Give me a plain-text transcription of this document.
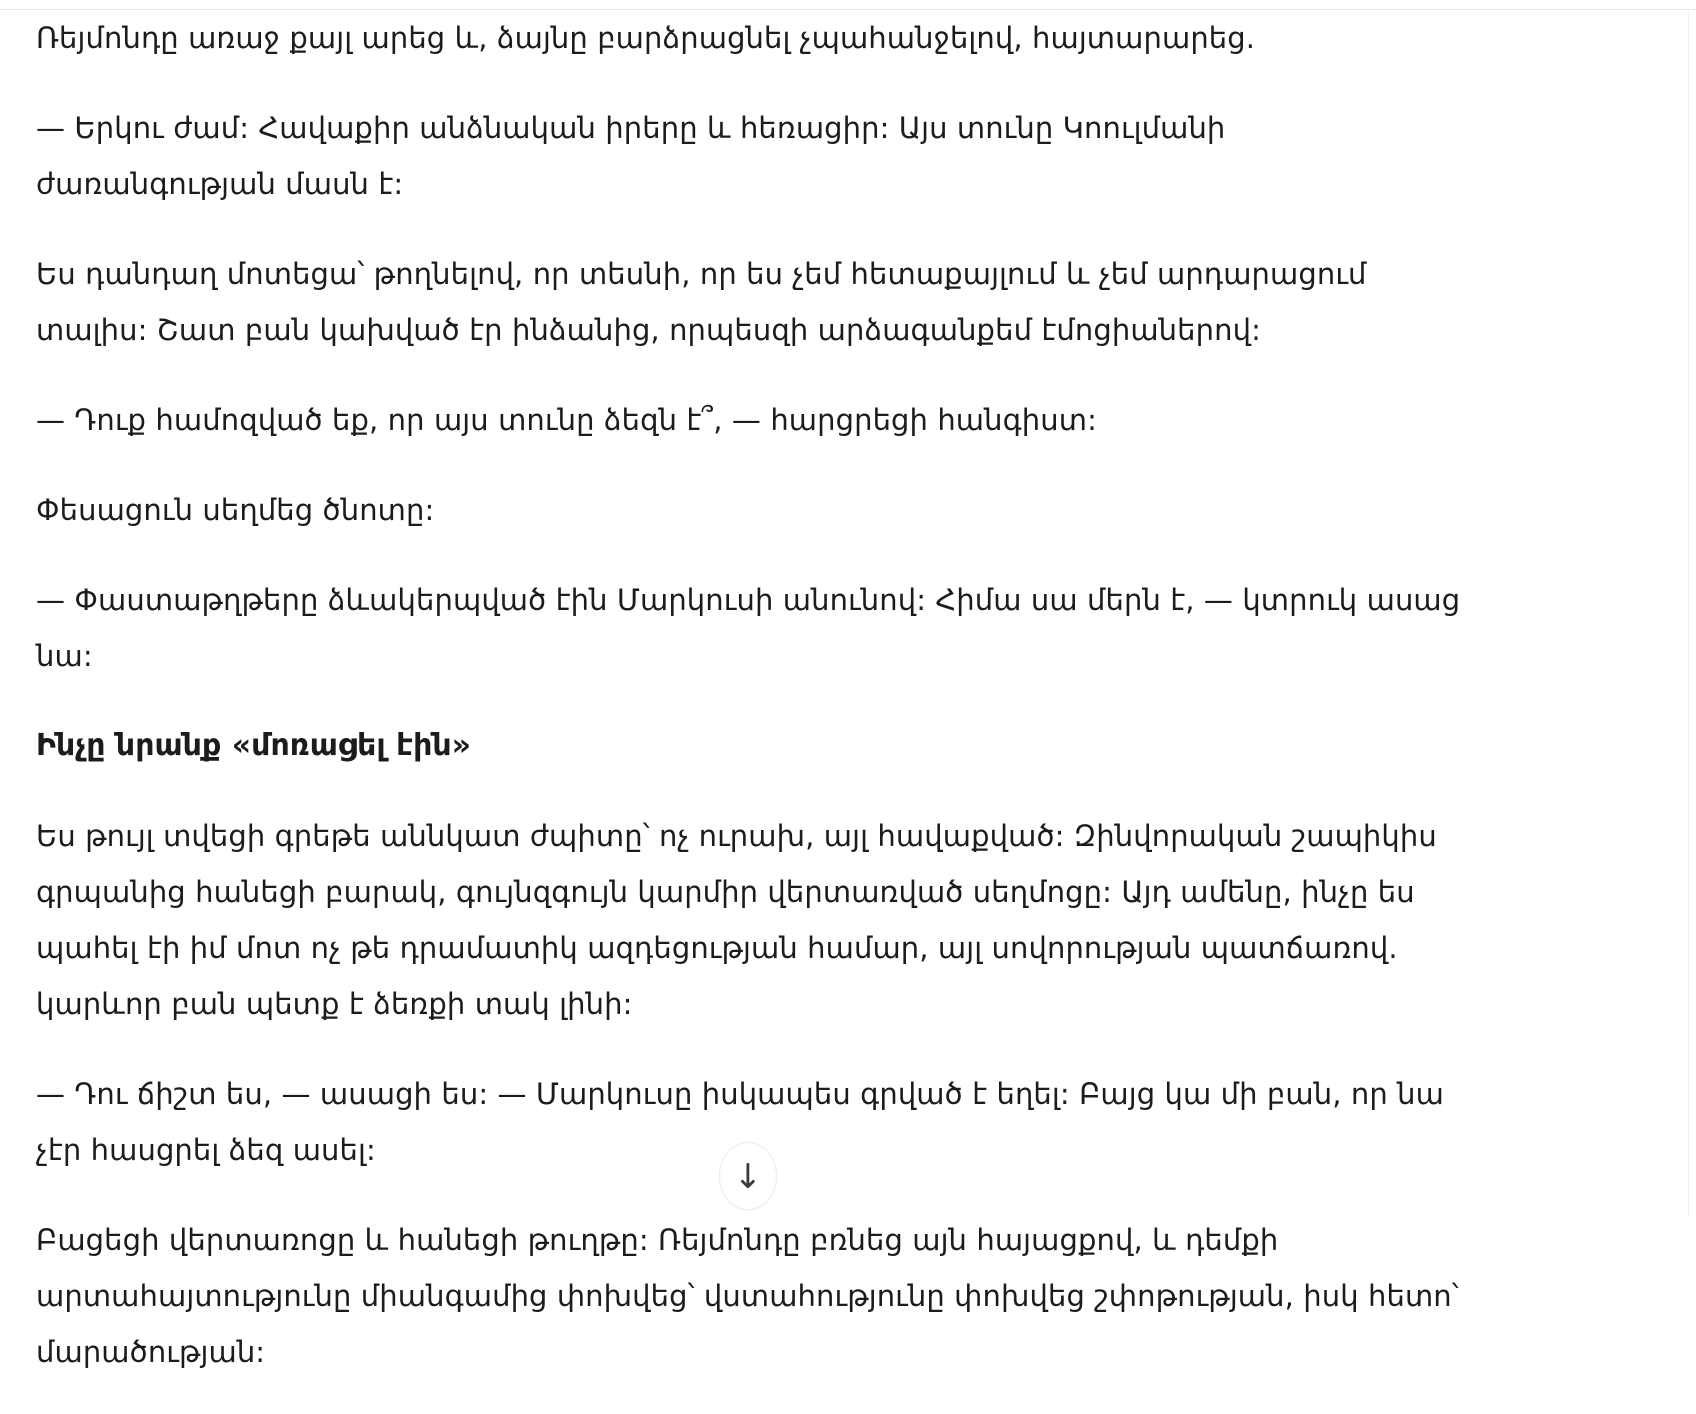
Ռեյմոնդը առաջ քայլ արեց և, ձայնը բարձրացնել չպահանջելով, հայտարարեց.

— Երկու ժամ: Հավաքիր անձնական իրերը և հեռացիր: Այս տունը Կոուլմանի ժառանգության մասն է:

Ես դանդաղ մոտեցա՝ թողնելով, որ տեսնի, որ ես չեմ հետաքայլում և չեմ արդարացում տալիս: Շատ բան կախված էր ինձանից, որպեսզի արձագանքեմ էմոցիաներով:

— Դուք համոզված եք, որ այս տունը ձեզն է՞, — հարցրեցի հանգիստ:

Փեսացուն սեղմեց ծնոտը:

— Փաստաթղթերը ձևակերպված էին Մարկուսի անունով: Հիմա սա մերն է, — կտրուկ ասաց նա:

Ինչը նրանք «մոռացել էին»

Ես թույլ տվեցի գրեթե աննկատ ժպիտը՝ ոչ ուրախ, այլ հավաքված: Զինվորական շապիկիս գրպանից հանեցի բարակ, գույնզգույն կարմիր վերտառված սեղմոցը: Այդ ամենը, ինչը ես պահել էի իմ մոտ ոչ թե դրամատիկ ազդեցության համար, այլ սովորության պատճառով. կարևոր բան պետք է ձեռքի տակ լինի:

— Դու ճիշտ ես, — ասացի ես: — Մարկուսը իսկապես գրված է եղել: Բայց կա մի բան, որ նա չէր հասցրել ձեզ ասել:

Բացեցի վերտառոցը և հանեցի թուղթը: Ռեյմոնդը բռնեց այն հայացքով, և դեմքի արտահայտությունը միանգամից փոխվեց՝ վստահությունը փոխվեց շփոթության, իսկ հետո՝ մարածության:

↓
